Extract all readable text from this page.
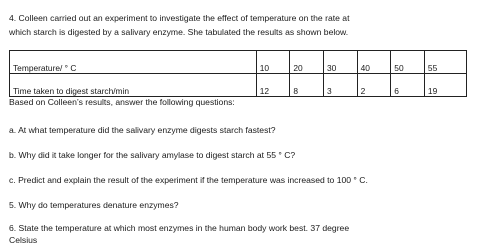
4. Colleen carried out an experiment to investigate the effect of temperature on the rate at
which starch is digested by a salivary enzyme. She tabulated the results as shown below.
Temperature/ ° C	10	20	30	40	50	55
Time taken to digest starch/min	12	8	3	2	6	19
Based on Colleen’s results, answer the following questions:
a. At what temperature did the salivary enzyme digests starch fastest?
b. Why did it take longer for the salivary amylase to digest starch at 55 ° C?
c. Predict and explain the result of the experiment if the temperature was increased to 100 ° C.
5. Why do temperatures denature enzymes?
6. State the temperature at which most enzymes in the human body work best. 37 degree
Celsius
